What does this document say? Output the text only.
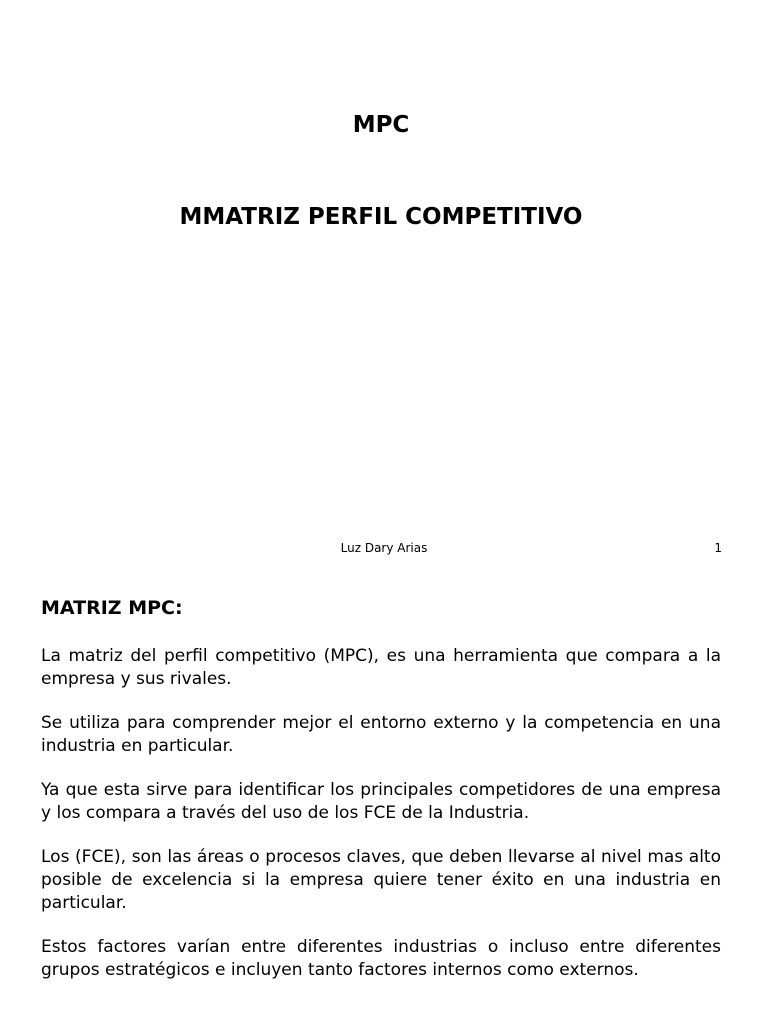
MPC
MMATRIZ PERFIL COMPETITIVO
Luz Dary Arias	1
MATRIZ MPC:

La matriz del perfil competitivo (MPC), es una herramienta que compara a la empresa y sus rivales.

Se utiliza para comprender mejor el entorno externo y la competencia en una industria en particular.

Ya que esta sirve para identificar los principales competidores de una empresa y los compara a través del uso de los FCE de la Industria.

Los (FCE), son las áreas o procesos claves, que deben llevarse al nivel mas alto posible de excelencia si la empresa quiere tener éxito en una industria en particular.

Estos factores varían entre diferentes industrias o incluso entre diferentes grupos estratégicos e incluyen tanto factores internos como externos.
